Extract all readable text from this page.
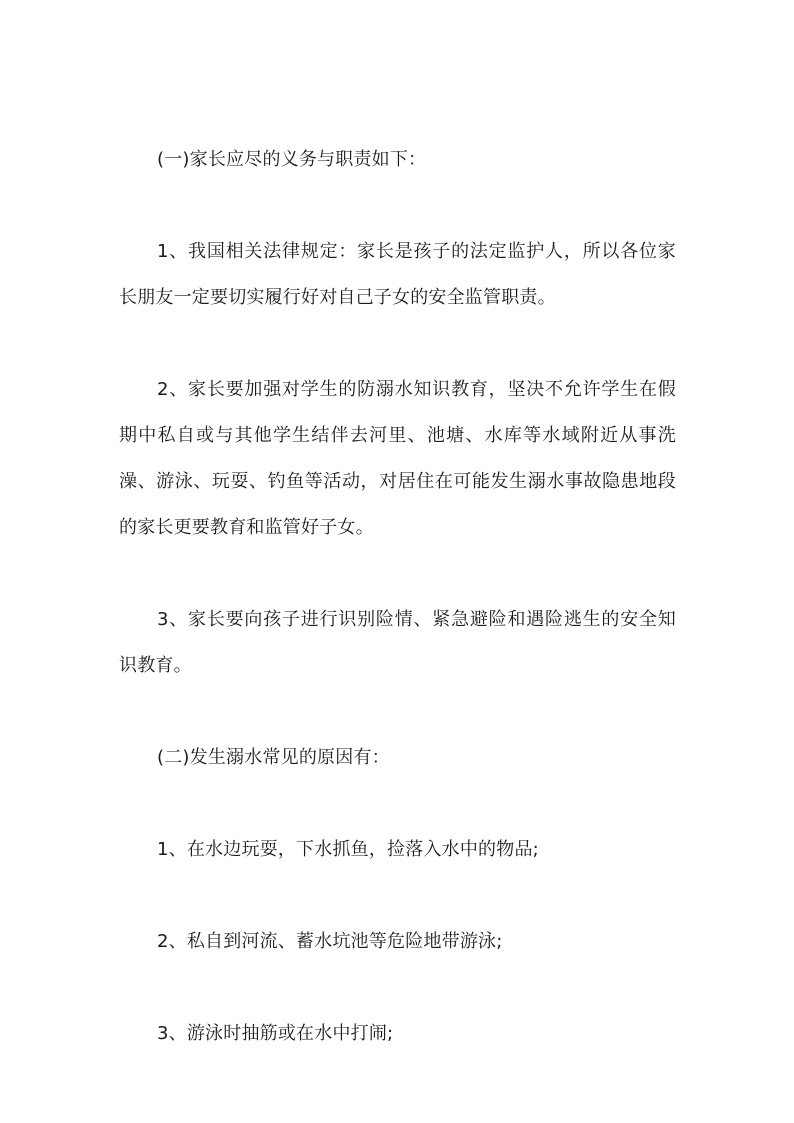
(一)家长应尽的义务与职责如下：

1、我国相关法律规定：家长是孩子的法定监护人，所以各位家长朋友一定要切实履行好对自己子女的安全监管职责。

2、家长要加强对学生的防溺水知识教育，坚决不允许学生在假期中私自或与其他学生结伴去河里、池塘、水库等水域附近从事洗澡、游泳、玩耍、钓鱼等活动，对居住在可能发生溺水事故隐患地段的家长更要教育和监管好子女。

3、家长要向孩子进行识别险情、紧急避险和遇险逃生的安全知识教育。

(二)发生溺水常见的原因有：

1、在水边玩耍，下水抓鱼，捡落入水中的物品;

2、私自到河流、蓄水坑池等危险地带游泳;

3、游泳时抽筋或在水中打闹;
